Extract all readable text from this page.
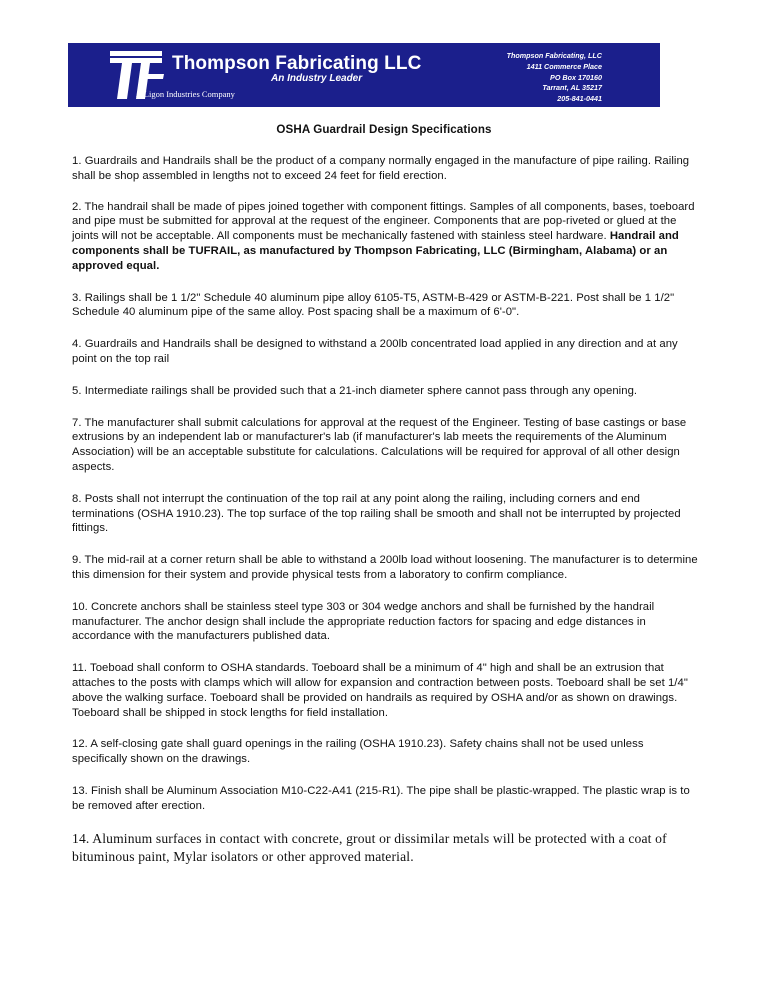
Thompson Fabricating LLC
An Industry Leader
A Ligon Industries Company
Thompson Fabricating, LLC
1411 Commerce Place
PO Box 170160
Tarrant, AL 35217
205-841-0441
OSHA Guardrail Design Specifications

1. Guardrails and Handrails shall be the product of a company normally engaged in the manufacture of pipe railing. Railing shall be shop assembled in lengths not to exceed 24 feet for field erection.

2. The handrail shall be made of pipes joined together with component fittings. Samples of all components, bases, toeboard and pipe must be submitted for approval at the request of the engineer. Components that are pop-riveted or glued at the joints will not be acceptable. All components must be mechanically fastened with stainless steel hardware. Handrail and components shall be TUFRAIL, as manufactured by Thompson Fabricating, LLC (Birmingham, Alabama) or an approved equal.

3. Railings shall be 1 1/2" Schedule 40 aluminum pipe alloy 6105-T5, ASTM-B-429 or ASTM-B-221. Post shall be 1 1/2" Schedule 40 aluminum pipe of the same alloy. Post spacing shall be a maximum of 6'-0".

4. Guardrails and Handrails shall be designed to withstand a 200lb concentrated load applied in any direction and at any point on the top rail

5. Intermediate railings shall be provided such that a 21-inch diameter sphere cannot pass through any opening.

7. The manufacturer shall submit calculations for approval at the request of the Engineer. Testing of base castings or base extrusions by an independent lab or manufacturer's lab (if manufacturer's lab meets the requirements of the Aluminum Association) will be an acceptable substitute for calculations. Calculations will be required for approval of all other design aspects.

8. Posts shall not interrupt the continuation of the top rail at any point along the railing, including corners and end terminations (OSHA 1910.23). The top surface of the top railing shall be smooth and shall not be interrupted by projected fittings.

9. The mid-rail at a corner return shall be able to withstand a 200lb load without loosening. The manufacturer is to determine this dimension for their system and provide physical tests from a laboratory to confirm compliance.

10. Concrete anchors shall be stainless steel type 303 or 304 wedge anchors and shall be furnished by the handrail manufacturer. The anchor design shall include the appropriate reduction factors for spacing and edge distances in accordance with the manufacturers published data.

11. Toeboad shall conform to OSHA standards. Toeboard shall be a minimum of 4" high and shall be an extrusion that attaches to the posts with clamps which will allow for expansion and contraction between posts. Toeboard shall be set 1/4" above the walking surface. Toeboard shall be provided on handrails as required by OSHA and/or as shown on drawings. Toeboard shall be shipped in stock lengths for field installation.

12. A self-closing gate shall guard openings in the railing (OSHA 1910.23). Safety chains shall not be used unless specifically shown on the drawings.

13. Finish shall be Aluminum Association M10-C22-A41 (215-R1). The pipe shall be plastic-wrapped. The plastic wrap is to be removed after erection.

14. Aluminum surfaces in contact with concrete, grout or dissimilar metals will be protected with a coat of bituminous paint, Mylar isolators or other approved material.
